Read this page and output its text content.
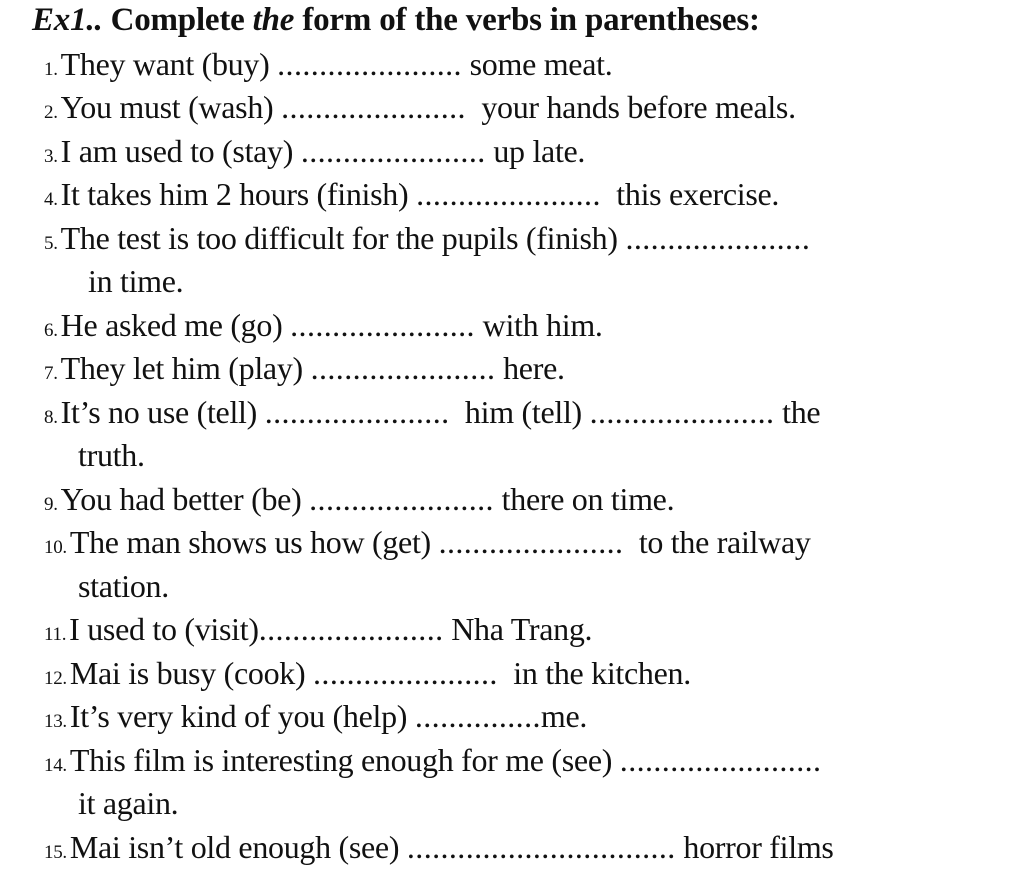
Ex1.. Complete the form of the verbs in parentheses:
1.They want (buy) ...................... some meat.
2.You must (wash) ...................... your hands before meals.
3.I am used to (stay) ...................... up late.
4.It takes him 2 hours (finish) ...................... this exercise.
5.The test is too difficult for the pupils (finish) ......................
in time.
6.He asked me (go) ...................... with him.
7.They let him (play) ...................... here.
8.It’s no use (tell) ...................... him (tell) ...................... the
truth.
9.You had better (be) ...................... there on time.
10.The man shows us how (get) ...................... to the railway
station.
11.I used to (visit)...................... Nha Trang.
12.Mai is busy (cook) ...................... in the kitchen.
13.It’s very kind of you (help) ...............me.
14.This film is interesting enough for me (see) ........................
it again.
15.Mai isn’t old enough (see) ................................ horror films
